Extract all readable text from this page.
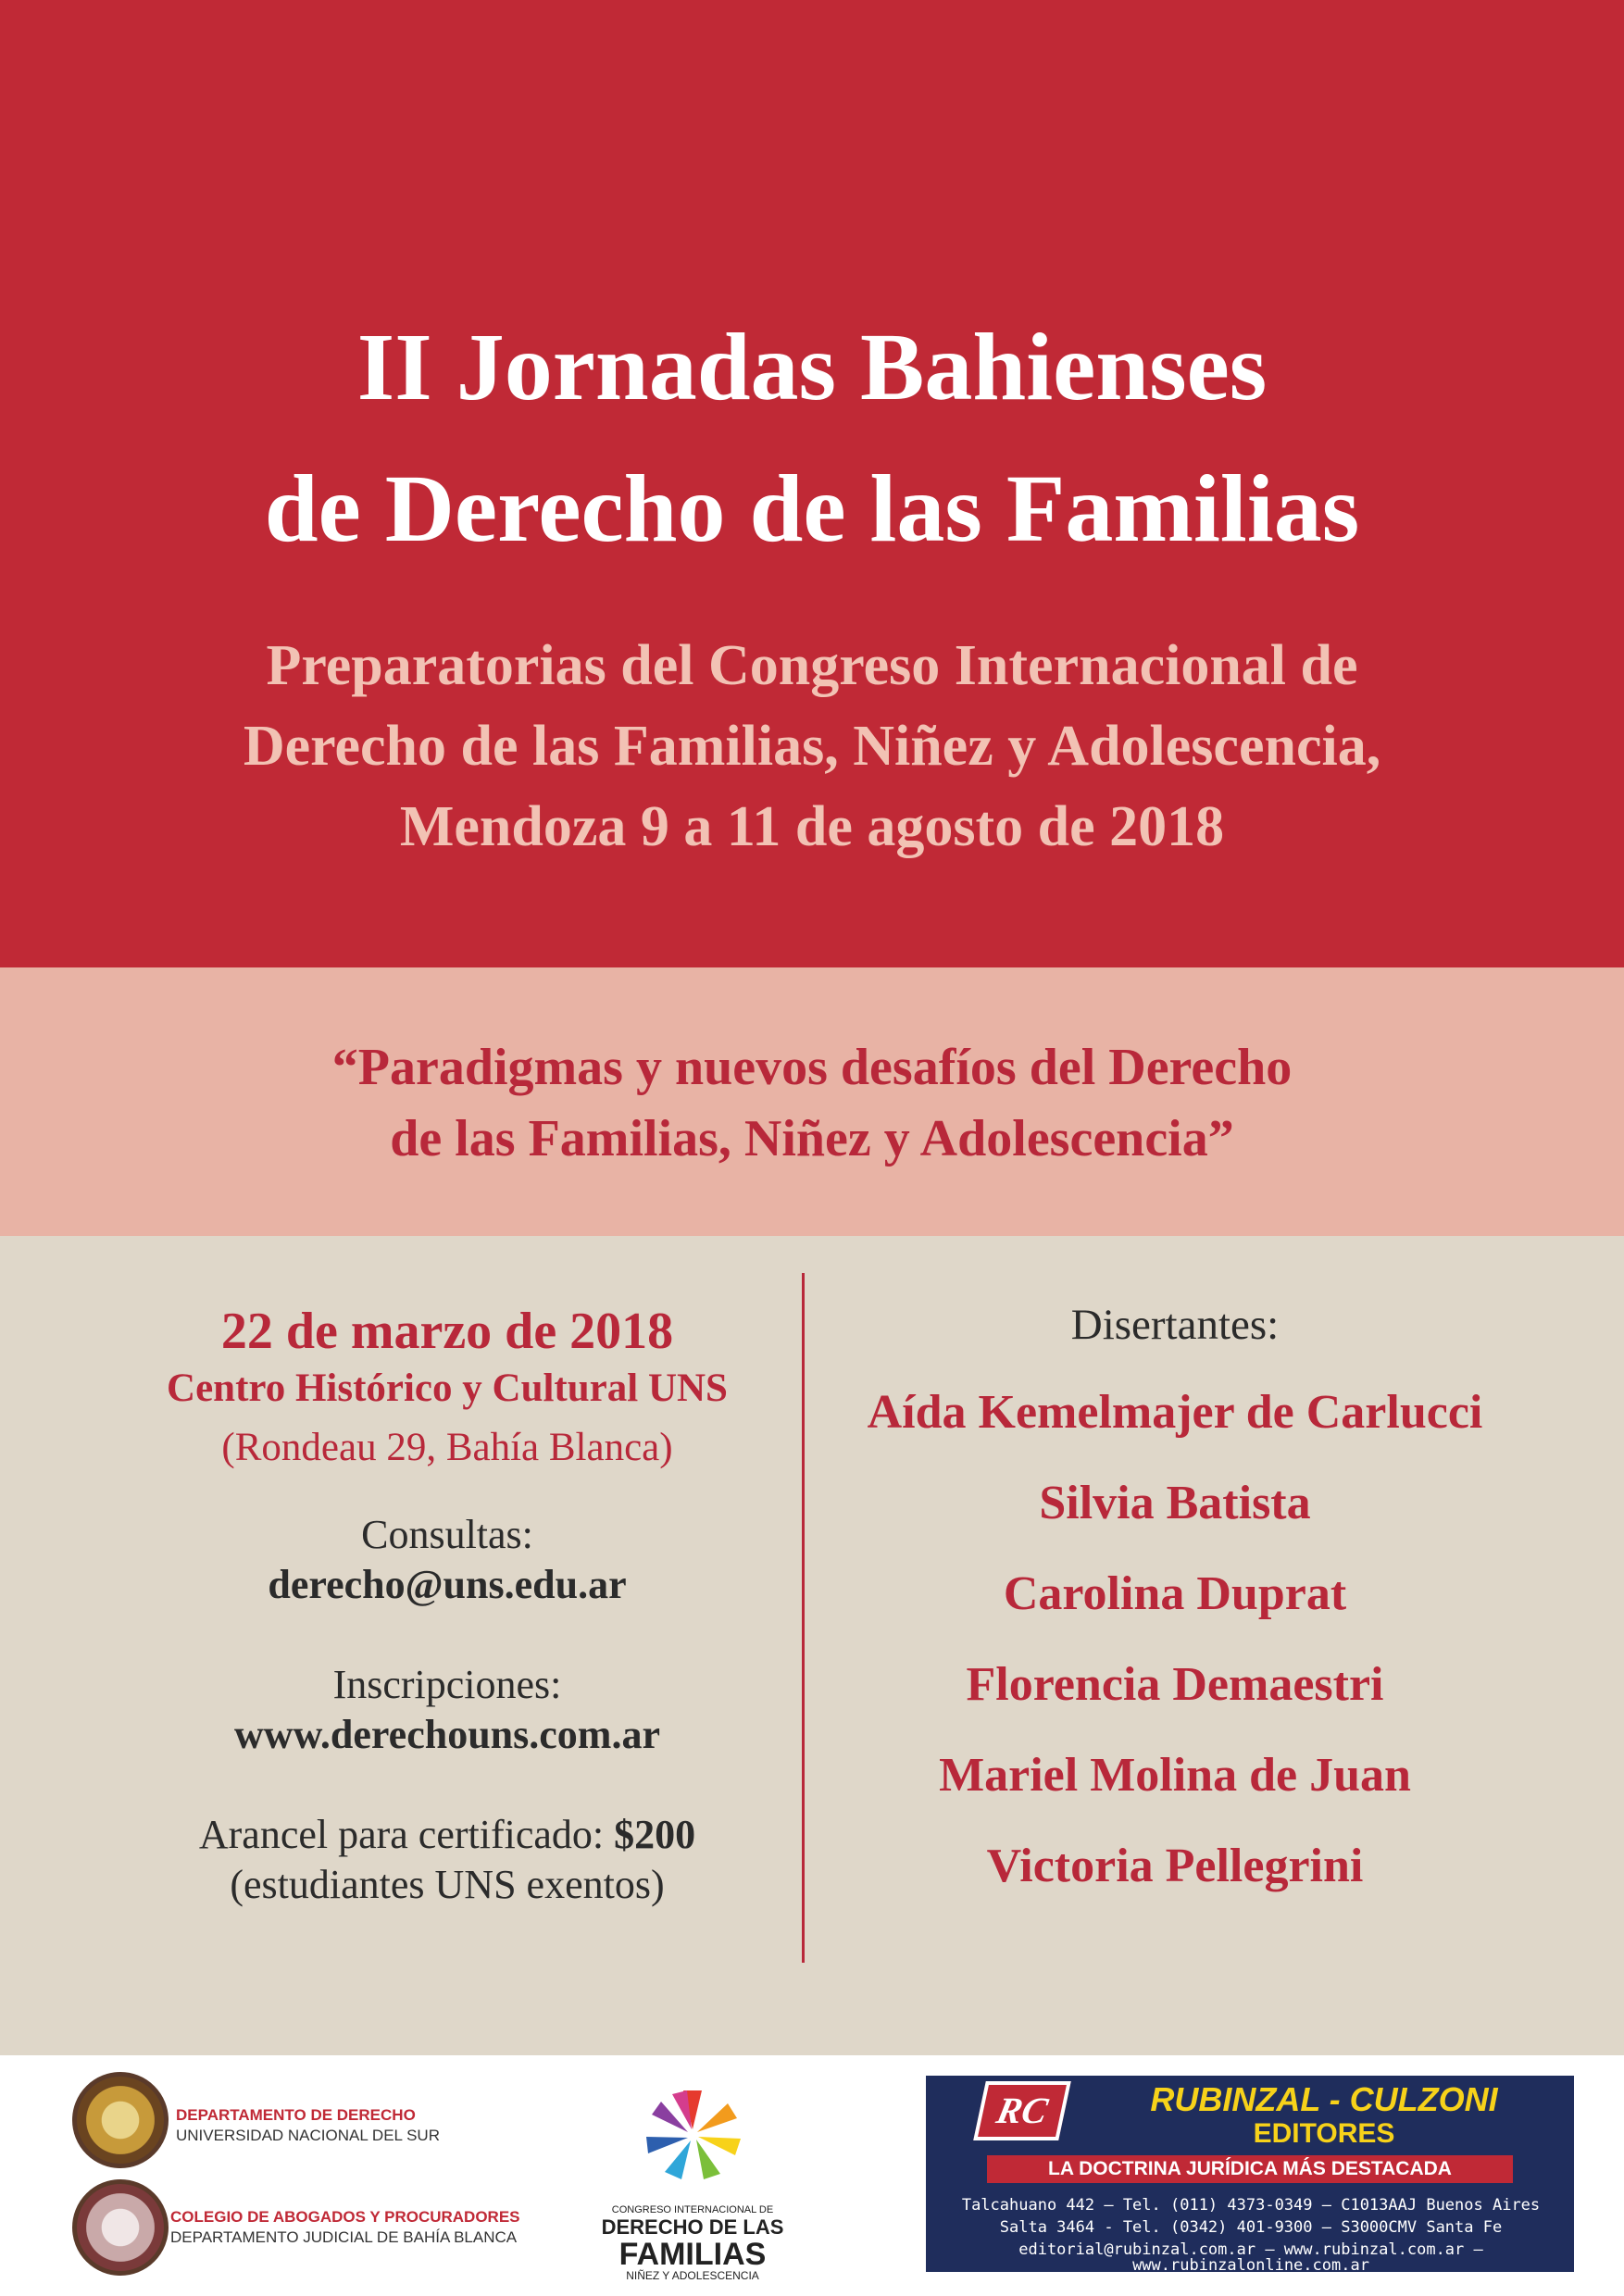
II Jornadas Bahienses
de Derecho de las Familias
Preparatorias del Congreso Internacional de
Derecho de las Familias, Niñez y Adolescencia,
Mendoza 9 a 11 de agosto de 2018
“Paradigmas y nuevos desafíos del Derecho
de las Familias, Niñez y Adolescencia”
22 de marzo de 2018
Centro Histórico y Cultural UNS
(Rondeau 29, Bahía Blanca)
Consultas:
derecho@uns.edu.ar
Inscripciones:
www.derechouns.com.ar
Arancel para certificado: $200
(estudiantes UNS exentos)
Disertantes:
Aída Kemelmajer de Carlucci
Silvia Batista
Carolina Duprat
Florencia Demaestri
Mariel Molina de Juan
Victoria Pellegrini
DEPARTAMENTO DE DERECHO
UNIVERSIDAD NACIONAL DEL SUR
COLEGIO DE ABOGADOS Y PROCURADORES
DEPARTAMENTO JUDICIAL DE BAHÍA BLANCA
CONGRESO INTERNACIONAL DE
DERECHO DE LAS
FAMILIAS
NIÑEZ Y ADOLESCENCIA
RC	RUBINZAL - CULZONI
EDITORES
LA DOCTRINA JURÍDICA MÁS DESTACADA
Talcahuano 442 – Tel. (011) 4373-0349 – C1013AAJ Buenos Aires
Salta 3464 - Tel. (0342) 401-9300 – S3000CMV Santa Fe
editorial@rubinzal.com.ar – www.rubinzal.com.ar – www.rubinzalonline.com.ar
